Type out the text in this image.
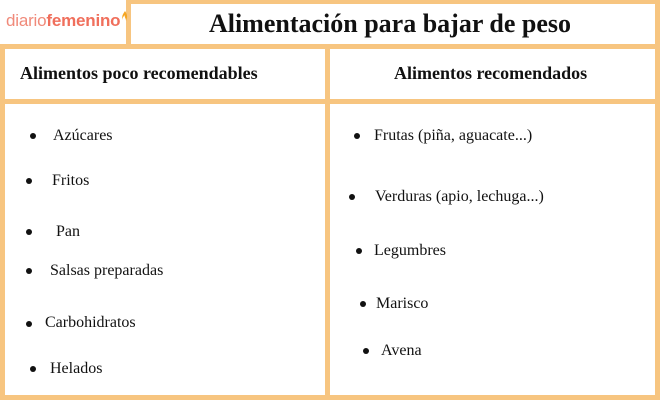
diariofemenino	Alimentación para bajar de peso
Alimentos poco recomendables	Alimentos recomendados
Azúcares
Fritos
Pan
Salsas preparadas
Carbohidratos
Helados
Frutas (piña, aguacate...)
Verduras (apio, lechuga...)
Legumbres
Marisco
Avena
